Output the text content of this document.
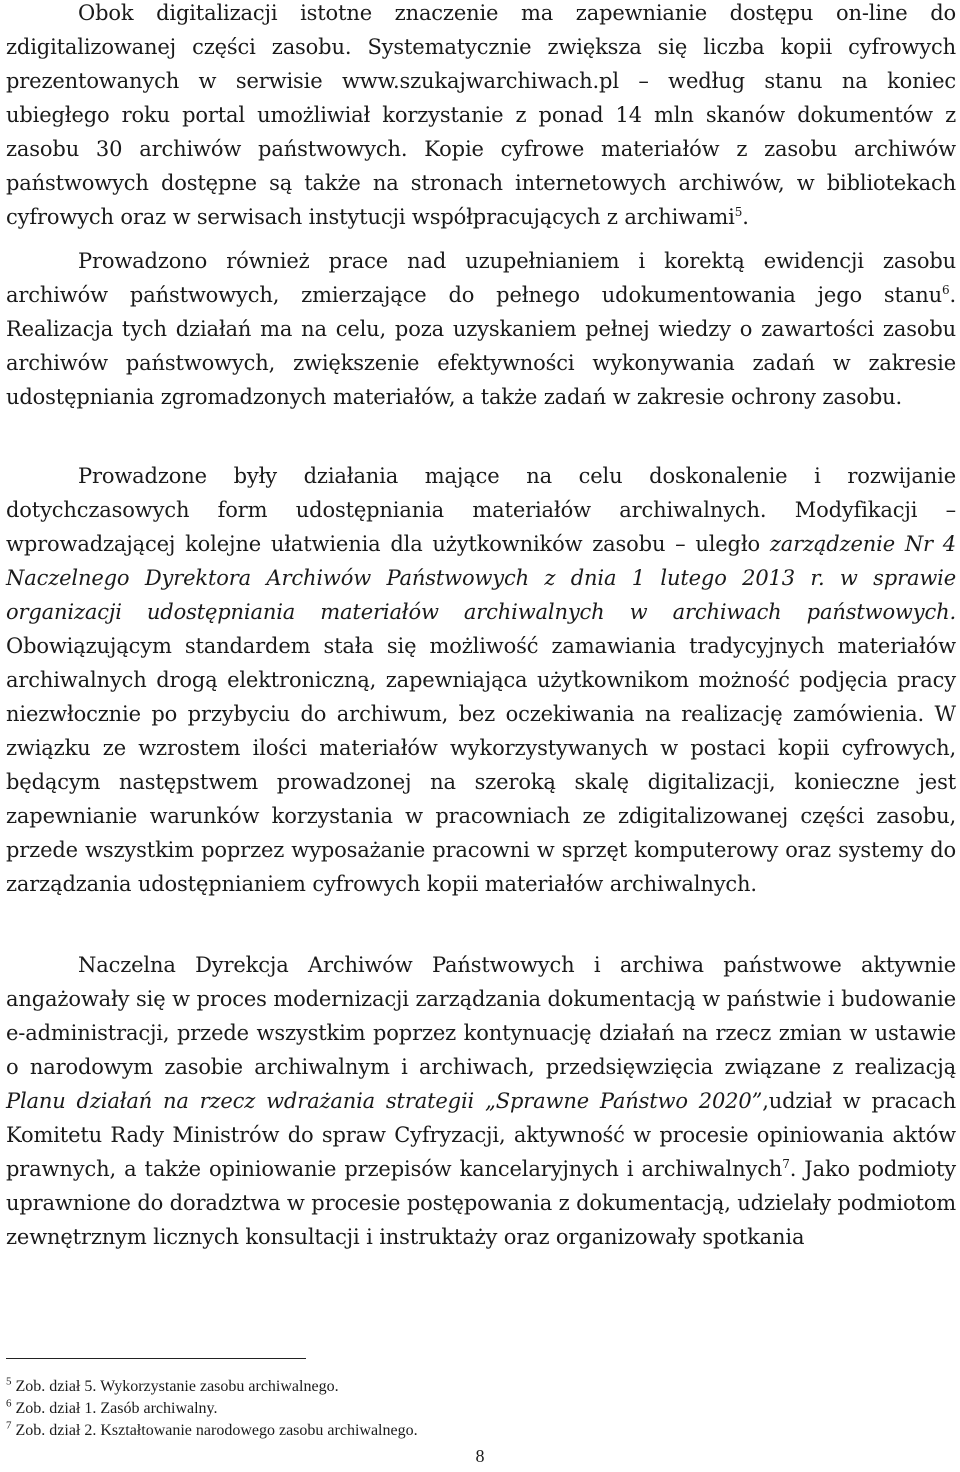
Obok digitalizacji istotne znaczenie ma zapewnianie dostępu on-line do zdigitalizowanej części zasobu. Systematycznie zwiększa się liczba kopii cyfrowych prezentowanych w serwisie www.szukajwarchiwach.pl – według stanu na koniec ubiegłego roku portal umożliwiał korzystanie z ponad 14 mln skanów dokumentów z zasobu 30 archiwów państwowych. Kopie cyfrowe materiałów z zasobu archiwów państwowych dostępne są także na stronach internetowych archiwów, w bibliotekach cyfrowych oraz w serwisach instytucji współpracujących z archiwami$^5$.

Prowadzono również prace nad uzupełnianiem i korektą ewidencji zasobu archiwów państwowych, zmierzające do pełnego udokumentowania jego stanu$^6$. Realizacja tych działań ma na celu, poza uzyskaniem pełnej wiedzy o zawartości zasobu archiwów państwowych, zwiększenie efektywności wykonywania zadań w zakresie udostępniania zgromadzonych materiałów, a także zadań w zakresie ochrony zasobu.

Prowadzone były działania mające na celu doskonalenie i rozwijanie dotychczasowych form udostępniania materiałów archiwalnych. Modyfikacji – wprowadzającej kolejne ułatwienia dla użytkowników zasobu – uległo zarządzenie Nr 4 Naczelnego Dyrektora Archiwów Państwowych z dnia 1 lutego 2013 r. w sprawie organizacji udostępniania materiałów archiwalnych w archiwach państwowych. Obowiązującym standardem stała się możliwość zamawiania tradycyjnych materiałów archiwalnych drogą elektroniczną, zapewniająca użytkownikom możność podjęcia pracy niezwłocznie po przybyciu do archiwum, bez oczekiwania na realizację zamówienia. W związku ze wzrostem ilości materiałów wykorzystywanych w postaci kopii cyfrowych, będącym następstwem prowadzonej na szeroką skalę digitalizacji, konieczne jest zapewnianie warunków korzystania w pracowniach ze zdigitalizowanej części zasobu, przede wszystkim poprzez wyposażanie pracowni w sprzęt komputerowy oraz systemy do zarządzania udostępnianiem cyfrowych kopii materiałów archiwalnych.

Naczelna Dyrekcja Archiwów Państwowych i archiwa państwowe aktywnie angażowały się w proces modernizacji zarządzania dokumentacją w państwie i budowanie e-administracji, przede wszystkim poprzez kontynuację działań na rzecz zmian w ustawie o narodowym zasobie archiwalnym i archiwach, przedsięwzięcia związane z realizacją Planu działań na rzecz wdrażania strategii „Sprawne Państwo 2020”,udział w pracach Komitetu Rady Ministrów do spraw Cyfryzacji, aktywność w procesie opiniowania aktów prawnych, a także opiniowanie przepisów kancelaryjnych i archiwalnych$^7$. Jako podmioty uprawnione do doradztwa w procesie postępowania z dokumentacją, udzielały podmiotom zewnętrznym licznych konsultacji i instruktaży oraz organizowały spotkania

$^5$ Zob. dział 5. Wykorzystanie zasobu archiwalnego.

$^6$ Zob. dział 1. Zasób archiwalny.

$^7$ Zob. dział 2. Kształtowanie narodowego zasobu archiwalnego.

8
